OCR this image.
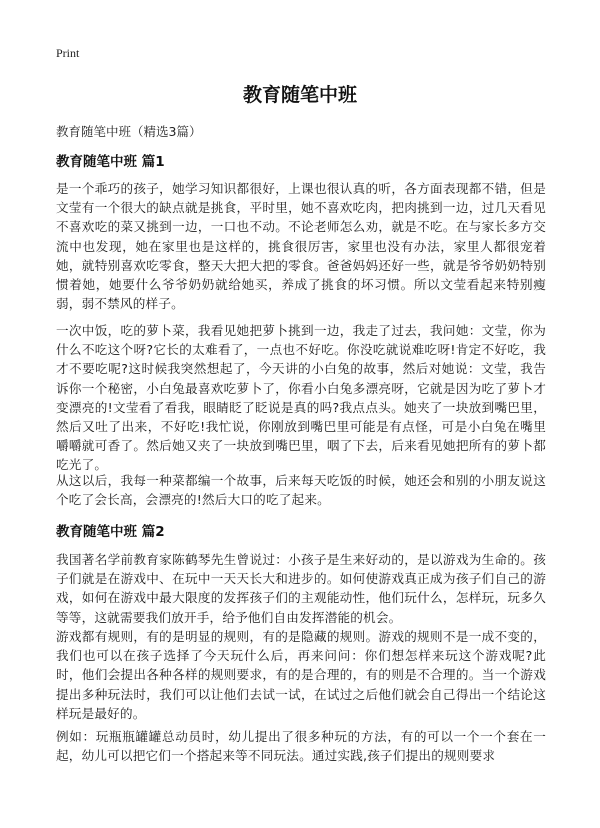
Print
教育随笔中班
教育随笔中班（精选3篇）
教育随笔中班 篇1
是一个乖巧的孩子，她学习知识都很好，上课也很认真的听，各方面表现都不错，但是文莹有一个很大的缺点就是挑食，平时里，她不喜欢吃肉，把肉挑到一边，过几天看见不喜欢吃的菜又挑到一边，一口也不动。不论老师怎么劝，就是不吃。在与家长多方交流中也发现，她在家里也是这样的，挑食很厉害，家里也没有办法，家里人都很宠着她，就特别喜欢吃零食，整天大把大把的零食。爸爸妈妈还好一些，就是爷爷奶奶特别惯着她，她要什么爷爷奶奶就给她买，养成了挑食的坏习惯。所以文莹看起来特别瘦弱，弱不禁风的样子。
一次中饭，吃的萝卜菜，我看见她把萝卜挑到一边，我走了过去，我问她：文莹，你为什么不吃这个呀?它长的太难看了，一点也不好吃。你没吃就说难吃呀!肯定不好吃，我才不要吃呢?这时候我突然想起了，今天讲的小白兔的故事，然后对她说：文莹，我告诉你一个秘密，小白兔最喜欢吃萝卜了，你看小白兔多漂亮呀，它就是因为吃了萝卜才变漂亮的!文莹看了看我，眼睛眨了眨说是真的吗?我点点头。她夹了一块放到嘴巴里，然后又吐了出来，不好吃!我忙说，你刚放到嘴巴里可能是有点怪，可是小白兔在嘴里嚼嚼就可香了。然后她又夹了一块放到嘴巴里，咽了下去，后来看见她把所有的萝卜都吃光了。
从这以后，我每一种菜都编一个故事，后来每天吃饭的时候，她还会和别的小朋友说这个吃了会长高，会漂亮的!然后大口的吃了起来。
教育随笔中班 篇2
我国著名学前教育家陈鹤琴先生曾说过：小孩子是生来好动的，是以游戏为生命的。孩子们就是在游戏中、在玩中一天天长大和进步的。如何使游戏真正成为孩子们自己的游戏，如何在游戏中最大限度的发挥孩子们的主观能动性，他们玩什么，怎样玩，玩多久等等，这就需要我们放开手，给予他们自由发挥潜能的机会。
游戏都有规则，有的是明显的规则，有的是隐藏的规则。游戏的规则不是一成不变的，我们也可以在孩子选择了今天玩什么后，再来问问：你们想怎样来玩这个游戏呢?此时，他们会提出各种各样的规则要求，有的是合理的，有的则是不合理的。当一个游戏提出多种玩法时，我们可以让他们去试一试，在试过之后他们就会自己得出一个结论这样玩是最好的。
例如：玩瓶瓶罐罐总动员时，幼儿提出了很多种玩的方法，有的可以一个一个套在一起，幼儿可以把它们一个搭起来等不同玩法。通过实践,孩子们提出的规则要求
